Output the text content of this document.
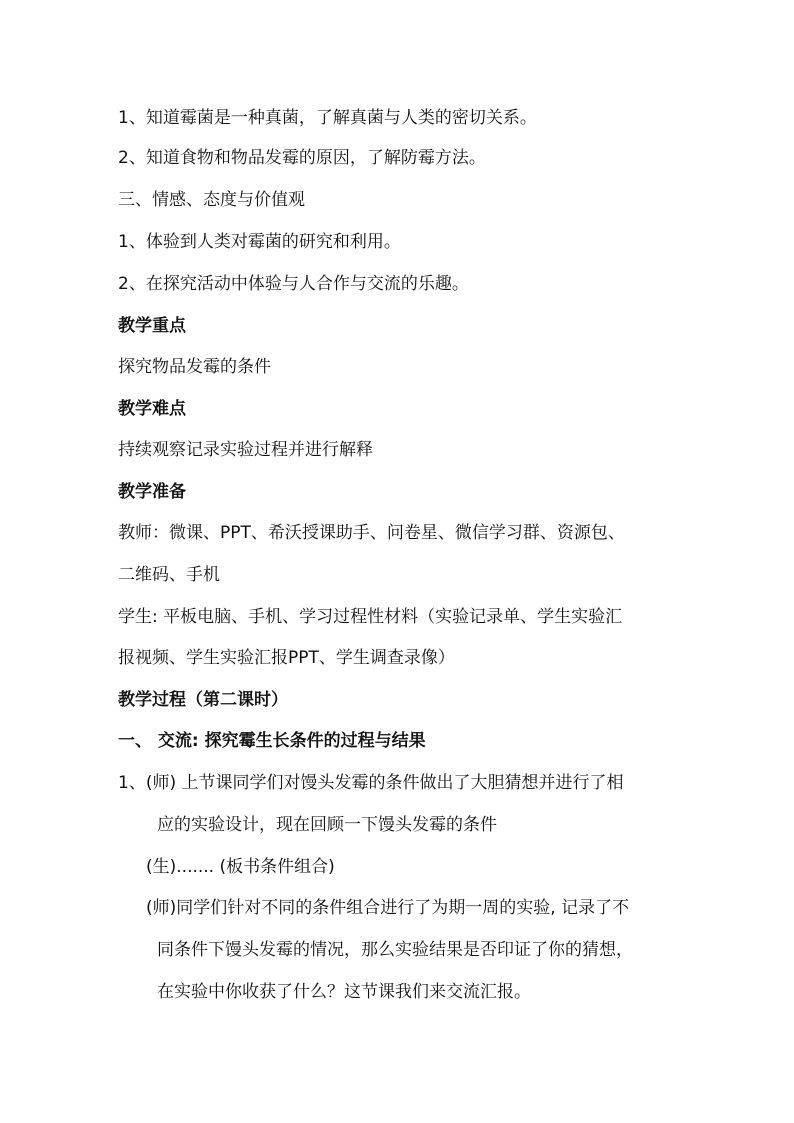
1、知道霉菌是一种真菌，了解真菌与人类的密切关系。
2、知道食物和物品发霉的原因，了解防霉方法。
三、情感、态度与价值观
1、体验到人类对霉菌的研究和利用。
2、在探究活动中体验与人合作与交流的乐趣。
教学重点
探究物品发霉的条件
教学难点
持续观察记录实验过程并进行解释
教学准备
教师：微课、PPT、希沃授课助手、问卷星、微信学习群、资源包、
二维码、手机
学生: 平板电脑、手机、学习过程性材料（实验记录单、学生实验汇
报视频、学生实验汇报PPT、学生调查录像）
教学过程（第二课时）
一、 交流: 探究霉生长条件的过程与结果
1、(师) 上节课同学们对馒头发霉的条件做出了大胆猜想并进行了相
应的实验设计，现在回顾一下馒头发霉的条件
(生)....... (板书条件组合)
(师)同学们针对不同的条件组合进行了为期一周的实验, 记录了不
同条件下馒头发霉的情况，那么实验结果是否印证了你的猜想，
在实验中你收获了什么？这节课我们来交流汇报。
